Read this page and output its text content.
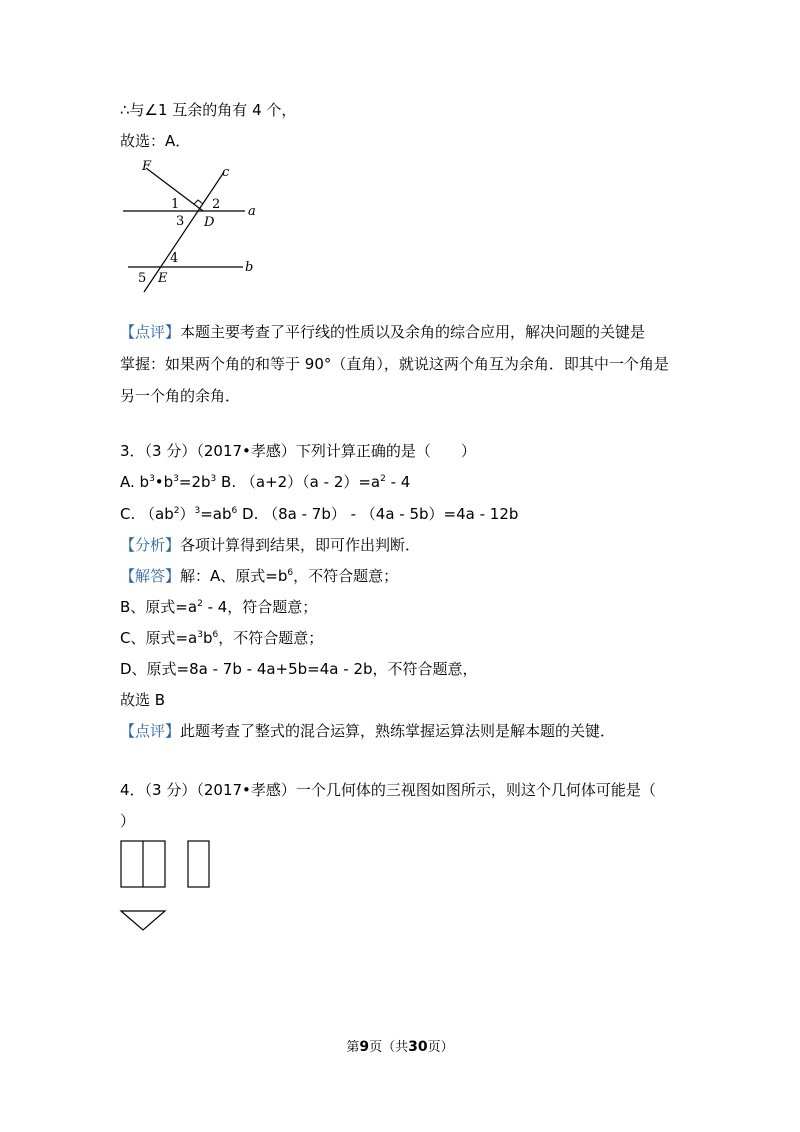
∴与∠1 互余的角有 4 个，
故选：A．
F	c
1	2 a
3 D
4
b
5 E
【点评】本题主要考查了平行线的性质以及余角的综合应用，解决问题的关键是
掌握：如果两个角的和等于 90°（直角），就说这两个角互为余角．即其中一个角是
另一个角的余角．
3．（3 分）（2017•孝感）下列计算正确的是（　　）
A. $b^3•b^3=2b^3$ B. $(a+2)(a - 2)=a^2 - 4$
C. $(ab^2)^3=ab^6$ D. （8a - 7b） - （4a - 5b）=4a - 12b
【分析】各项计算得到结果，即可作出判断．
【解答】解：A、原式$=b^6$，不符合题意；
B、原式$=a^2 - 4$，符合题意；
C、原式$=a^3b^6$，不符合题意；
D、原式=8a - 7b - 4a+5b=4a - 2b，不符合题意，
故选 B
【点评】此题考查了整式的混合运算，熟练掌握运算法则是解本题的关键．
4．（3 分）（2017•孝感）一个几何体的三视图如图所示，则这个几何体可能是（
）
第9页（共30页）
